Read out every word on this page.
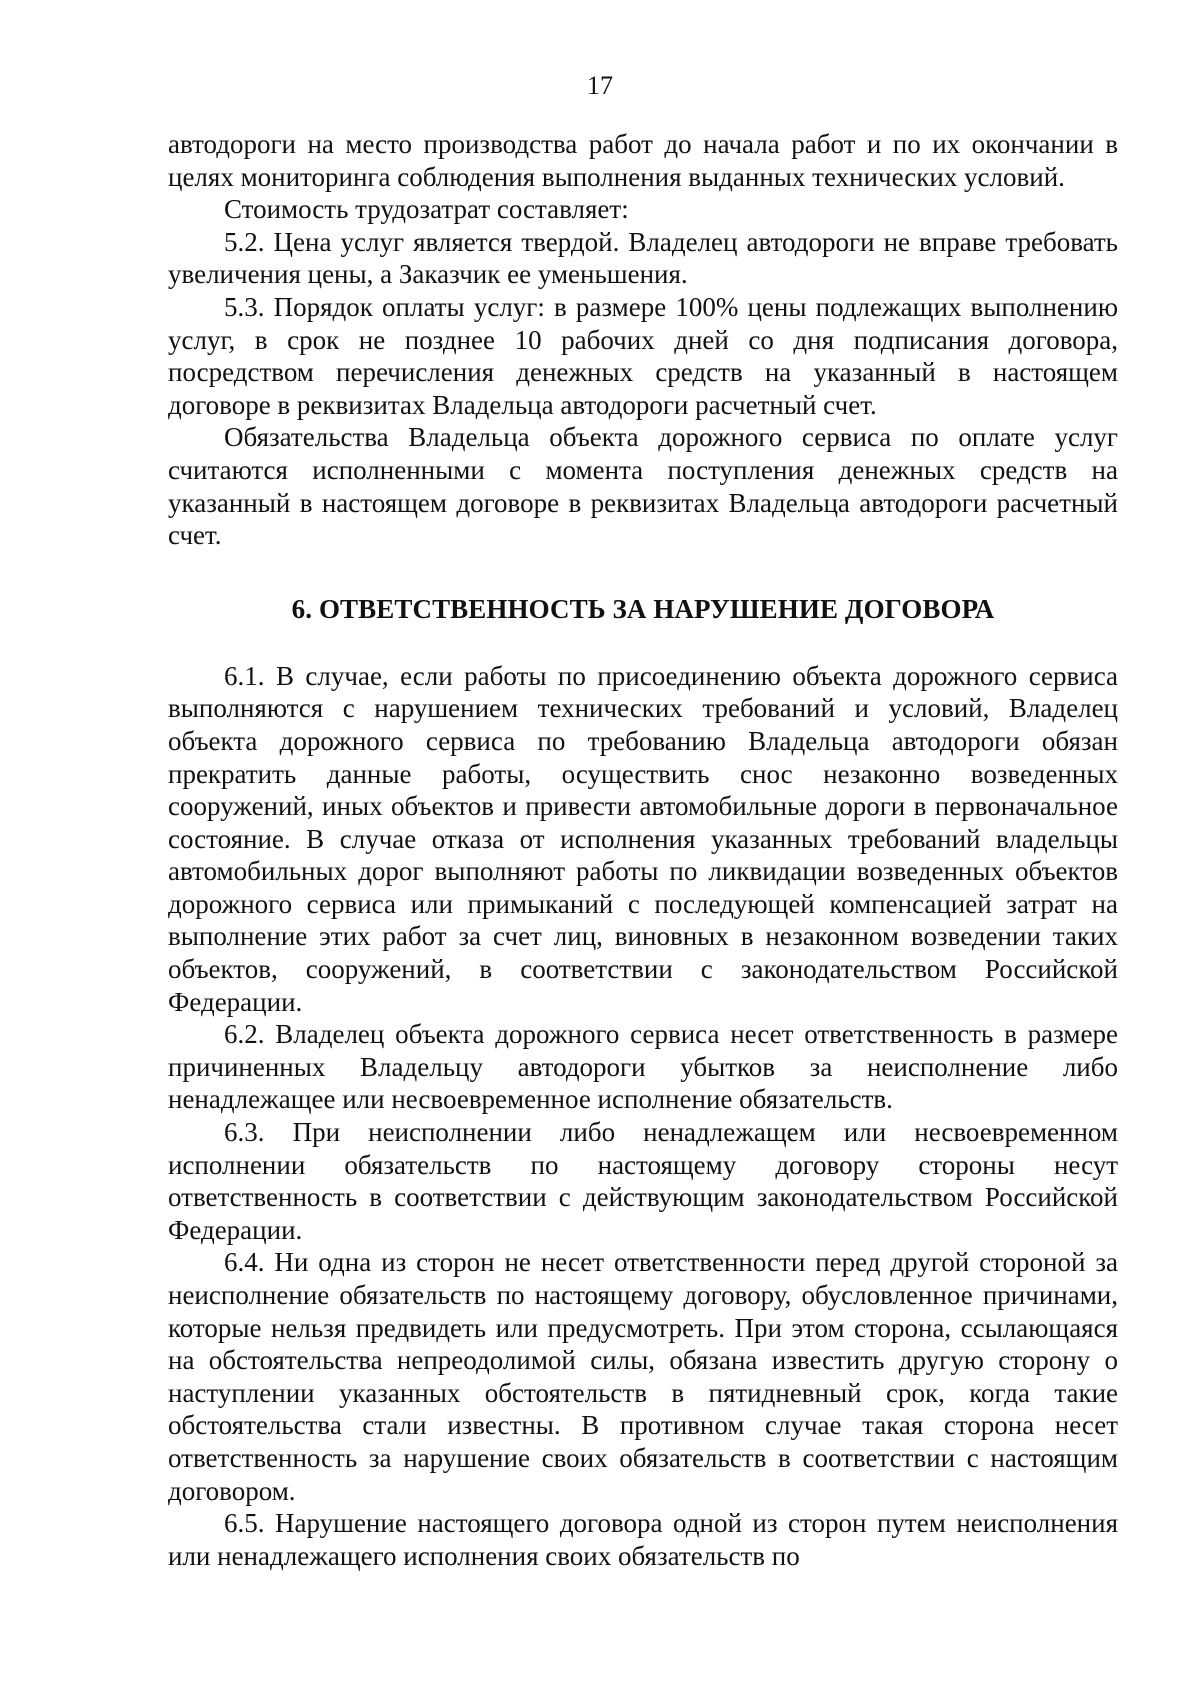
17

автодороги на место производства работ до начала работ и по их окончании в целях мониторинга соблюдения выполнения выданных технических условий.

Стоимость трудозатрат составляет:

5.2. Цена услуг является твердой. Владелец автодороги не вправе требовать увеличения цены, а Заказчик ее уменьшения.

5.3. Порядок оплаты услуг: в размере 100% цены подлежащих выполнению услуг, в срок не позднее 10 рабочих дней со дня подписания договора, посредством перечисления денежных средств на указанный в настоящем договоре в реквизитах Владельца автодороги расчетный счет.

Обязательства Владельца объекта дорожного сервиса по оплате услуг считаются исполненными с момента поступления денежных средств на указанный в настоящем договоре в реквизитах Владельца автодороги расчетный счет.

6. ОТВЕТСТВЕННОСТЬ ЗА НАРУШЕНИЕ ДОГОВОРА

6.1. В случае, если работы по присоединению объекта дорожного сервиса выполняются с нарушением технических требований и условий, Владелец объекта дорожного сервиса по требованию Владельца автодороги обязан прекратить данные работы, осуществить снос незаконно возведенных сооружений, иных объектов и привести автомобильные дороги в первоначальное состояние. В случае отказа от исполнения указанных требований владельцы автомобильных дорог выполняют работы по ликвидации возведенных объектов дорожного сервиса или примыканий с последующей компенсацией затрат на выполнение этих работ за счет лиц, виновных в незаконном возведении таких объектов, сооружений, в соответствии с законодательством Российской Федерации.

6.2. Владелец объекта дорожного сервиса несет ответственность в размере причиненных Владельцу автодороги убытков за неисполнение либо ненадлежащее или несвоевременное исполнение обязательств.

6.3. При неисполнении либо ненадлежащем или несвоевременном исполнении обязательств по настоящему договору стороны несут ответственность в соответствии с действующим законодательством Российской Федерации.

6.4. Ни одна из сторон не несет ответственности перед другой стороной за неисполнение обязательств по настоящему договору, обусловленное причинами, которые нельзя предвидеть или предусмотреть. При этом сторона, ссылающаяся на обстоятельства непреодолимой силы, обязана известить другую сторону о наступлении указанных обстоятельств в пятидневный срок, когда такие обстоятельства стали известны. В противном случае такая сторона несет ответственность за нарушение своих обязательств в соответствии с настоящим договором.

6.5. Нарушение настоящего договора одной из сторон путем неисполнения или ненадлежащего исполнения своих обязательств по
